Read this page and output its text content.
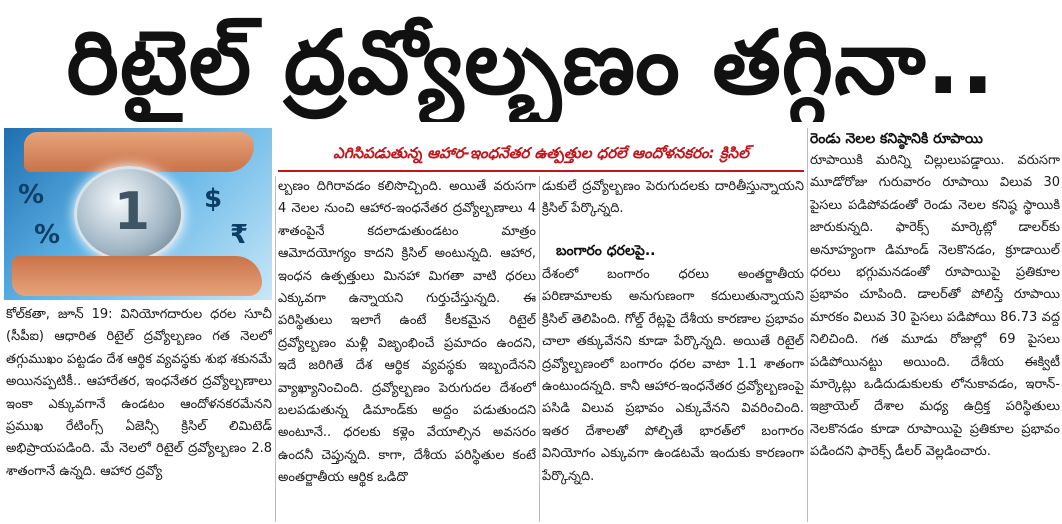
రిటైల్ ద్రవ్యోల్బణం తగ్గినా..
1
%	$
₹
%
ఎగిసిపడుతున్న ఆహార-ఇంధనేతర ఉత్పత్తుల ధరలే ఆందోళనకరం: క్రిసిల్

కోల్‌కతా, జూన్ 19: వినియోగదారుల ధరల సూచీ (సీపీఐ) ఆధారిత రిటైల్ ద్రవ్యోల్బణం గత నెలలో తగ్గుముఖం పట్టడం దేశ ఆర్థిక వ్యవస్థకు శుభ శకునమే అయినప్పటికీ.. ఆహారేతర, ఇంధనేతర ద్రవ్యోల్బణాలు ఇంకా ఎక్కువగానే ఉండటం ఆందోళనకరమేనని ప్రముఖ రేటింగ్స్ ఏజెన్సీ క్రిసిల్ లిమిటెడ్ అభిప్రాయపడింది. మే నెలలో రిటైల్ ద్రవ్యోల్బణం 2.8 శాతంగానే ఉన్నది. ఆహార ద్రవ్యో

ల్బణం దిగిరావడం కలిసొచ్చింది. అయితే వరుసగా 4 నెలల నుంచి ఆహార-ఇంధనేతర ద్రవ్యోల్బణాలు 4 శాతంపైనే కదలాడుతుండటం మాత్రం ఆమోదయోగ్యం కాదని క్రిసిల్ అంటున్నది. ఆహార, ఇంధన ఉత్పత్తులు మినహా మిగతా వాటి ధరలు ఎక్కువగా ఉన్నాయని గుర్తుచేస్తున్నది. ఈ పరిస్థితులు ఇలాగే ఉంటే కీలకమైన రిటైల్ ద్రవ్యోల్బణం మళ్లీ విజృంభించే ప్రమాదం ఉందని, ఇదే జరిగితే దేశ ఆర్థిక వ్యవస్థకు ఇబ్బందేనని వ్యాఖ్యానించింది. ద్రవ్యోల్బణం పెరుగుదల దేశంలో బలపడుతున్న డిమాండ్‌కు అద్దం పడుతుందని అంటూనే.. ధరలకు కళ్లెం వేయాల్సిన అవసరం ఉందనీ చెప్తున్నది. కాగా, దేశీయ పరిస్థితుల కంటే అంతర్జాతీయ ఆర్థిక ఒడిదొ

డుకులే ద్రవ్యోల్బణం పెరుగుదలకు దారితీస్తున్నాయని క్రిసిల్ పేర్కొన్నది.

బంగారం ధరలపై..

దేశంలో బంగారం ధరలు అంతర్జాతీయ పరిణామాలకు అనుగుణంగా కదులుతున్నాయని క్రిసిల్ తెలిపింది. గోల్డ్ రేట్లపై దేశీయ కారణాల ప్రభావం చాలా తక్కువేనని కూడా పేర్కొన్నది. అయితే రిటైల్ ద్రవ్యోల్బణంలో బంగారం ధరల వాటా 1.1 శాతంగా ఉంటుందన్నది. కానీ ఆహార-ఇంధనేతర ద్రవ్యోల్బణంపై పసిడి విలువ ప్రభావం ఎక్కువేనని వివరించింది. ఇతర దేశాలతో పోల్చితే భారత్‌లో బంగారం వినియోగం ఎక్కువగా ఉండటమే ఇందుకు కారణంగా పేర్కొన్నది.

రెండు నెలల కనిష్ఠానికి రూపాయి

రూపాయికి మరిన్ని చిల్లులుపడ్డాయి. వరుసగా మూడోరోజు గురువారం రూపాయి విలువ 30 పైసలు పడిపోవడంతో రెండు నెలల కనిష్ఠ స్థాయికి జారుకున్నది. ఫారెక్స్ మార్కెట్లో డాలర్‌కు అనూహ్యంగా డిమాండ్ నెలకొనడం, క్రూడాయిల్ ధరలు భగ్గుమనడంతో రూపాయిపై ప్రతికూల ప్రభావం చూపింది. డాలర్‌తో పోలిస్తే రూపాయి మారకం విలువ 30 పైసలు పడిపోయి 86.73 వద్ద నిలిచింది. గత మూడు రోజుల్లో 69 పైసలు పడిపోయినట్టు అయింది. దేశీయ ఈక్విటీ మార్కెట్లు ఒడిదుడుకులకు లోనుకావడం, ఇరాన్-ఇజ్రాయెల్ దేశాల మధ్య ఉద్రిక్త పరిస్థితులు నెలకొనడం కూడా రూపాయిపై ప్రతికూల ప్రభావం పడిందని ఫారెక్స్ డీలర్ వెల్లడించారు.
